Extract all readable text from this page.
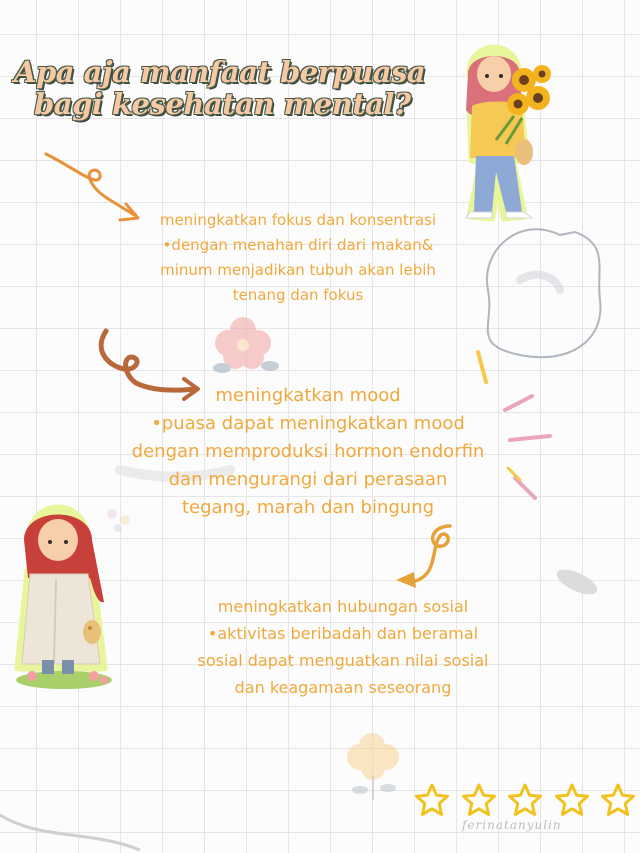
Apa aja manfaat berpuasa
bagi kesehatan mental?
meningkatkan fokus dan konsentrasi
•dengan menahan diri dari makan&
minum menjadikan tubuh akan lebih
tenang dan fokus
meningkatkan mood
•puasa dapat meningkatkan mood
dengan memproduksi hormon endorfin
dan mengurangi dari perasaan
tegang, marah dan bingung
meningkatkan hubungan sosial
•aktivitas beribadah dan beramal
sosial dapat menguatkan nilai sosial
dan keagamaan seseorang
ferinatanyulin
